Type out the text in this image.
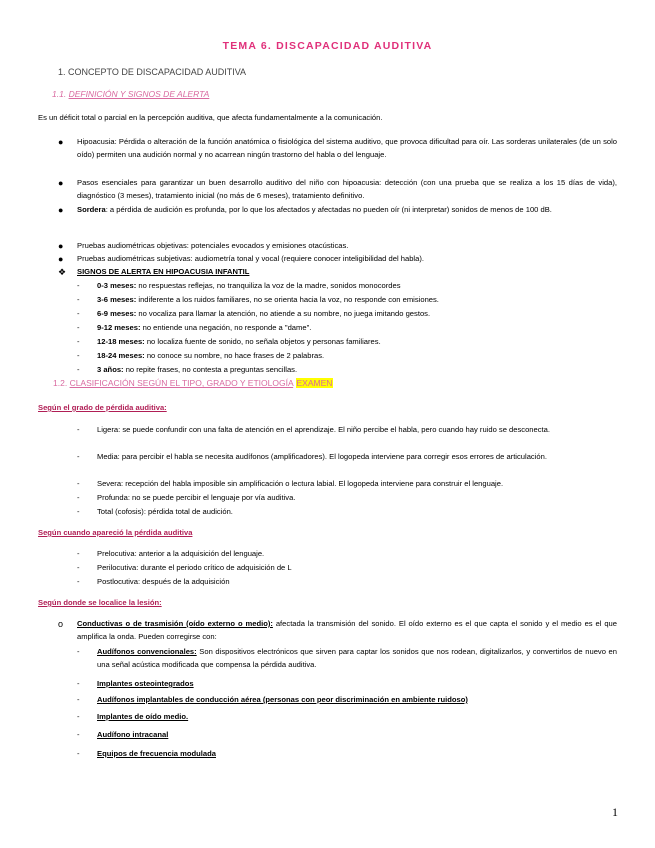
TEMA 6. DISCAPACIDAD AUDITIVA
1. CONCEPTO DE DISCAPACIDAD AUDITIVA
1.1. DEFINICIÓN Y SIGNOS DE ALERTA
Es un déficit total o parcial en la percepción auditiva, que afecta fundamentalmente a la comunicación.
● Hipoacusia: Pérdida o alteración de la función anatómica o fisiológica del sistema auditivo, que provoca dificultad para oír. Las sorderas unilaterales (de un solo oído) permiten una audición normal y no acarrean ningún trastorno del habla o del lenguaje.
● Pasos esenciales para garantizar un buen desarrollo auditivo del niño con hipoacusia: detección (con una prueba que se realiza a los 15 días de vida), diagnóstico (3 meses), tratamiento inicial (no más de 6 meses), tratamiento definitivo.
● Sordera: a pérdida de audición es profunda, por lo que los afectados y afectadas no pueden oír (ni interpretar) sonidos de menos de 100 dB.
● Pruebas audiométricas objetivas: potenciales evocados y emisiones otacústicas.
● Pruebas audiométricas subjetivas: audiometría tonal y vocal (requiere conocer inteligibilidad del habla).
❖ SIGNOS DE ALERTA EN HIPOACUSIA INFANTIL
- 0-3 meses: no respuestas reflejas, no tranquiliza la voz de la madre, sonidos monocordes
- 3-6 meses: indiferente a los ruidos familiares, no se orienta hacia la voz, no responde con emisiones.
- 6-9 meses: no vocaliza para llamar la atención, no atiende a su nombre, no juega imitando gestos.
- 9-12 meses: no entiende una negación, no responde a "dame".
- 12-18 meses: no localiza fuente de sonido, no señala objetos y personas familiares.
- 18-24 meses: no conoce su nombre, no hace frases de 2 palabras.
- 3 años: no repite frases, no contesta a preguntas sencillas.
1.2. CLASIFICACIÓN SEGÚN EL TIPO, GRADO Y ETIOLOGÍA EXAMEN
Según el grado de pérdida auditiva:
- Ligera: se puede confundir con una falta de atención en el aprendizaje. El niño percibe el habla, pero cuando hay ruido se desconecta.
- Media: para percibir el habla se necesita audífonos (amplificadores). El logopeda interviene para corregir esos errores de articulación.
- Severa: recepción del habla imposible sin amplificación o lectura labial. El logopeda interviene para construir el lenguaje.
- Profunda: no se puede percibir el lenguaje por vía auditiva.
- Total (cofosis): pérdida total de audición.
Según cuando apareció la pérdida auditiva
- Prelocutiva: anterior a la adquisición del lenguaje.
- Perilocutiva: durante el periodo crítico de adquisición de L
- Postlocutiva: después de la adquisición
Según donde se localice la lesión:
o Conductivas o de trasmisión (oído externo o medio): afectada la transmisión del sonido. El oído externo es el que capta el sonido y el medio es el que amplifica la onda. Pueden corregirse con:
- Audífonos convencionales: Son dispositivos electrónicos que sirven para captar los sonidos que nos rodean, digitalizarlos, y convertirlos de nuevo en una señal acústica modificada que compensa la pérdida auditiva.
- Implantes osteointegrados
- Audífonos implantables de conducción aérea (personas con peor discriminación en ambiente ruidoso)
- Implantes de oído medio.
- Audífono intracanal
- Equipos de frecuencia modulada
1
